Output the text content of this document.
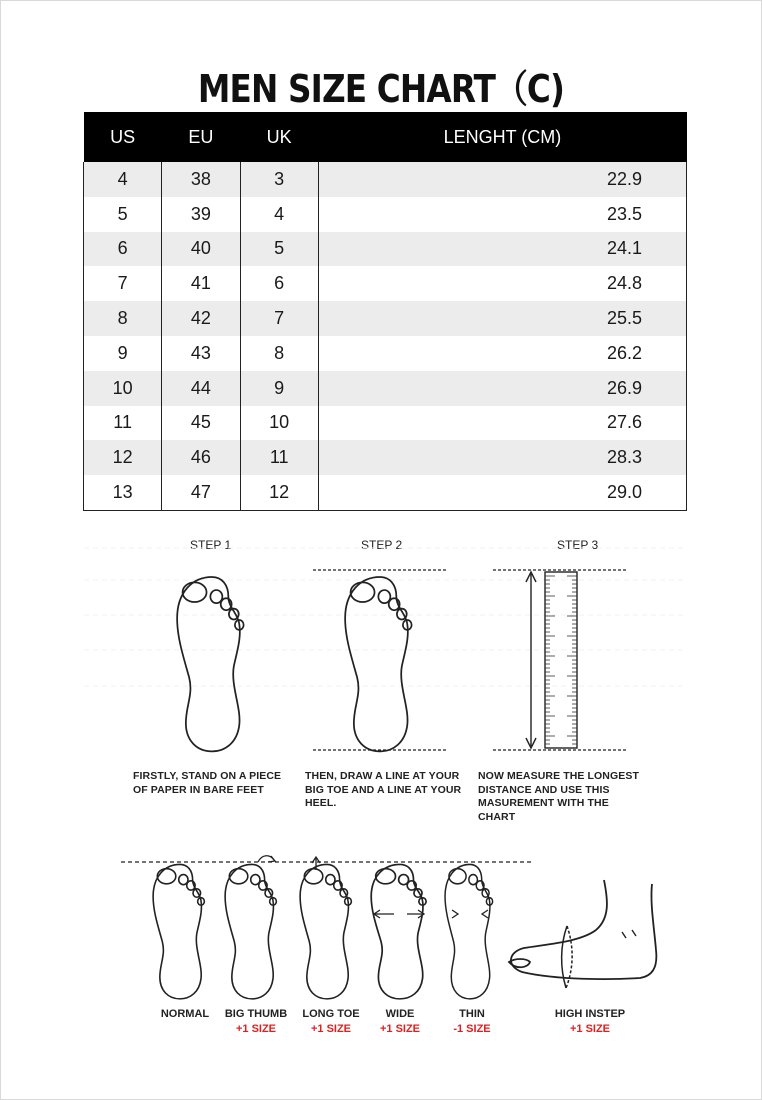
MEN SIZE CHART（C)
US	EU	UK	LENGHT (CM)
4	38	3	22.9
5	39	4	23.5
6	40	5	24.1
7	41	6	24.8
8	42	7	25.5
9	43	8	26.2
10	44	9	26.9
11	45	10	27.6
12	46	11	28.3
13	47	12	29.0
STEP 1	STEP 2	STEP 3
FIRSTLY, STAND ON A PIECE
OF PAPER IN BARE FEET
THEN, DRAW A LINE AT YOUR
BIG TOE AND A LINE AT YOUR
HEEL.
NOW MEASURE THE LONGEST
DISTANCE AND USE THIS
MASUREMENT WITH THE
CHART
NORMAL	BIG THUMB
+1 SIZE
LONG TOE
+1 SIZE
WIDE
+1 SIZE
THIN
-1 SIZE
HIGH INSTEP
+1 SIZE
